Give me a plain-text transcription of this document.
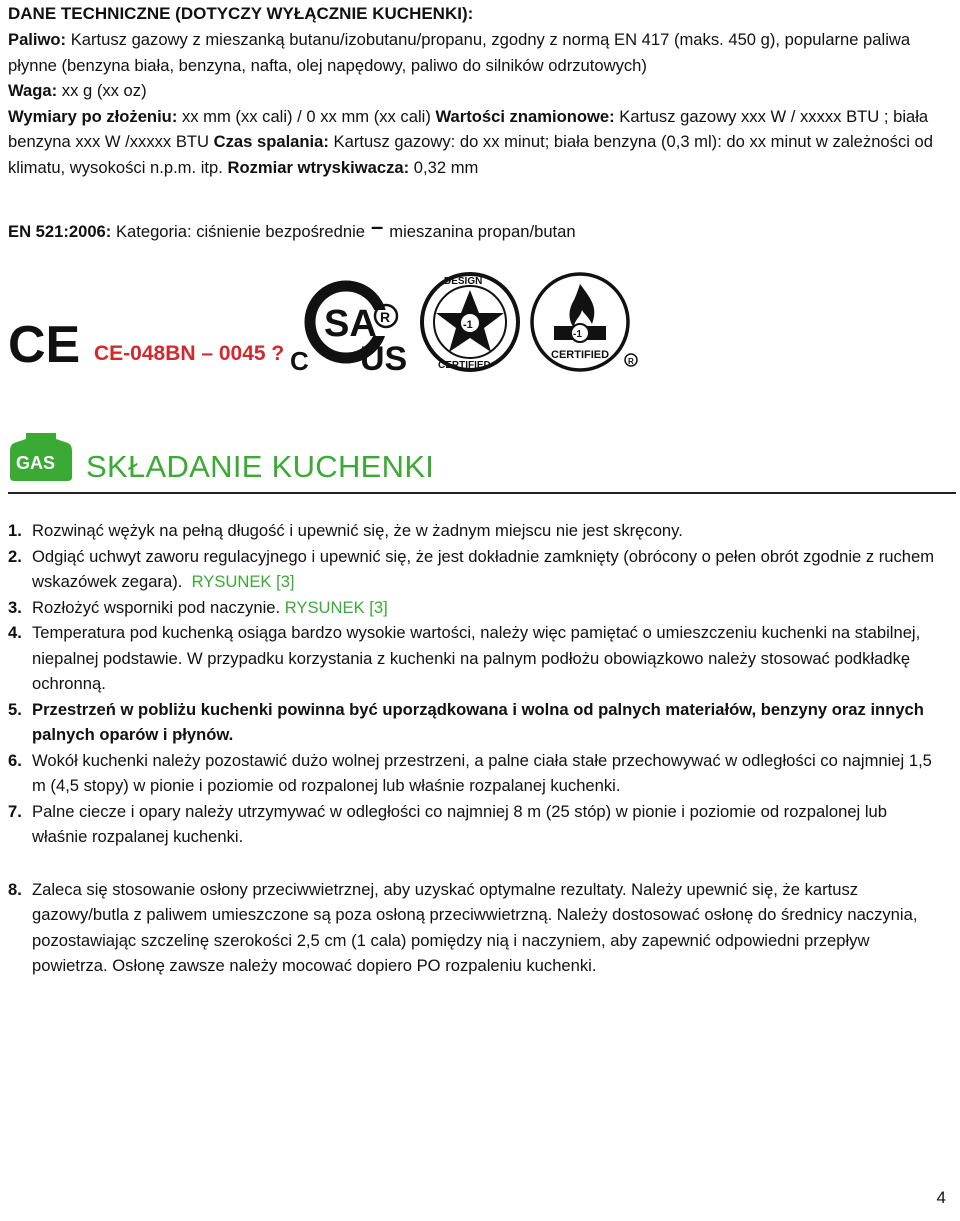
DANE TECHNICZNE (DOTYCZY WYŁĄCZNIE KUCHENKI):
Paliwo: Kartusz gazowy z mieszanką butanu/izobutanu/propanu, zgodny z normą EN 417 (maks. 450 g), popularne paliwa płynne (benzyna biała, benzyna, nafta, olej napędowy, paliwo do silników odrzutowych)
Waga: xx g (xx oz)
Wymiary po złożeniu: xx mm (xx cali) / 0 xx mm (xx cali) Wartości znamionowe: Kartusz gazowy xxx W / xxxxx BTU ; biała benzyna xxx W /xxxxx BTU Czas spalania: Kartusz gazowy: do xx minut; biała benzyna (0,3 ml): do xx minut w zależności od klimatu, wysokości n.p.m. itp. Rozmiar wtryskiwacza: 0,32 mm
EN 521:2006: Kategoria: ciśnienie bezpośrednie – mieszanina propan/butan
CE CE-048BN – 0045 ?
SA R
C US
-1
DESIGN
CERTIFIED
-1
CERTIFIED
R
GAS SKŁADANIE KUCHENKI
1. Rozwinąć wężyk na pełną długość i upewnić się, że w żadnym miejscu nie jest skręcony.
2. Odgiąć uchwyt zaworu regulacyjnego i upewnić się, że jest dokładnie zamknięty (obrócony o pełen obrót zgodnie z ruchem wskazówek zegara). RYSUNEK [3]
3. Rozłożyć wsporniki pod naczynie. RYSUNEK [3]
4. Temperatura pod kuchenką osiąga bardzo wysokie wartości, należy więc pamiętać o umieszczeniu kuchenki na stabilnej, niepalnej podstawie. W przypadku korzystania z kuchenki na palnym podłożu obowiązkowo należy stosować podkładkę ochronną.
5. Przestrzeń w pobliżu kuchenki powinna być uporządkowana i wolna od palnych materiałów, benzyny oraz innych palnych oparów i płynów.
6. Wokół kuchenki należy pozostawić dużo wolnej przestrzeni, a palne ciała stałe przechowywać w odległości co najmniej 1,5 m (4,5 stopy) w pionie i poziomie od rozpalonej lub właśnie rozpalanej kuchenki.
7. Palne ciecze i opary należy utrzymywać w odległości co najmniej 8 m (25 stóp) w pionie i poziomie od rozpalonej lub właśnie rozpalanej kuchenki.
8. Zaleca się stosowanie osłony przeciwwietrznej, aby uzyskać optymalne rezultaty. Należy upewnić się, że kartusz gazowy/butla z paliwem umieszczone są poza osłoną przeciwwietrzną. Należy dostosować osłonę do średnicy naczynia, pozostawiając szczelinę szerokości 2,5 cm (1 cala) pomiędzy nią i naczyniem, aby zapewnić odpowiedni przepływ powietrza. Osłonę zawsze należy mocować dopiero PO rozpaleniu kuchenki.
4
